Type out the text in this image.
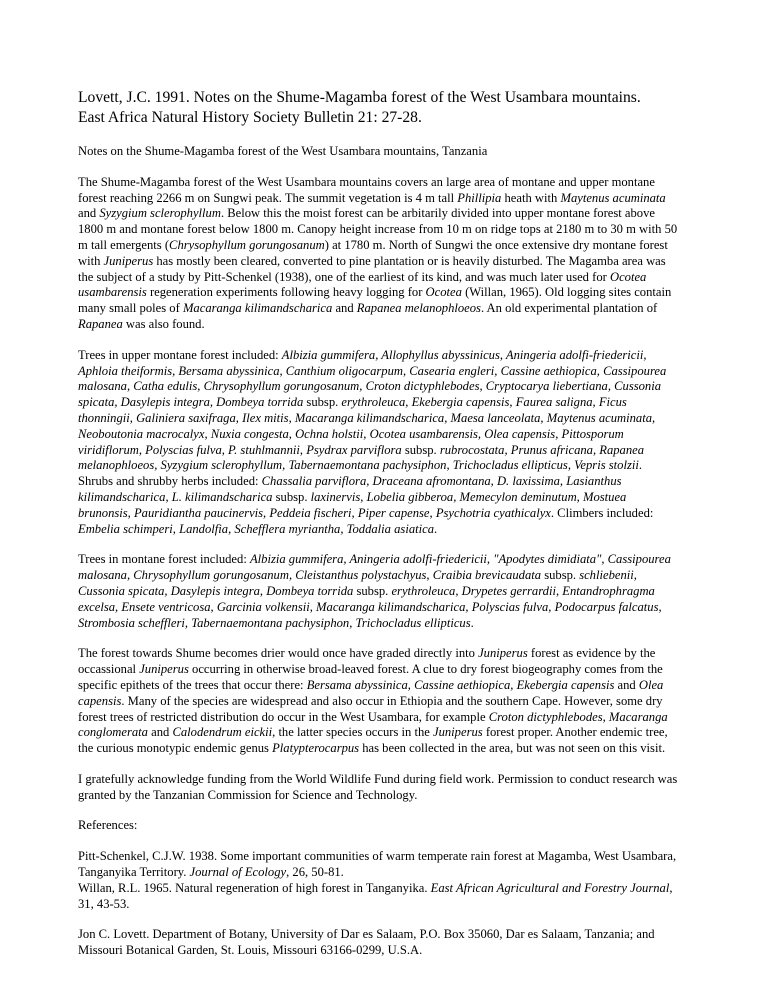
Lovett, J.C. 1991. Notes on the Shume-Magamba forest of the West Usambara mountains.
East Africa Natural History Society Bulletin 21: 27-28.

Notes on the Shume-Magamba forest of the West Usambara mountains, Tanzania

The Shume-Magamba forest of the West Usambara mountains covers an large area of montane and upper montane forest reaching 2266 m on Sungwi peak. The summit vegetation is 4 m tall Phillipia heath with Maytenus acuminata and Syzygium sclerophyllum. Below this the moist forest can be arbitarily divided into upper montane forest above 1800 m and montane forest below 1800 m. Canopy height increase from 10 m on ridge tops at 2180 m to 30 m with 50 m tall emergents (Chrysophyllum gorungosanum) at 1780 m. North of Sungwi the once extensive dry montane forest with Juniperus has mostly been cleared, converted to pine plantation or is heavily disturbed. The Magamba area was the subject of a study by Pitt-Schenkel (1938), one of the earliest of its kind, and was much later used for Ocotea usambarensis regeneration experiments following heavy logging for Ocotea (Willan, 1965). Old logging sites contain many small poles of Macaranga kilimandscharica and Rapanea melanophloeos. An old experimental plantation of Rapanea was also found.

Trees in upper montane forest included: Albizia gummifera, Allophyllus abyssinicus, Aningeria adolfi-friedericii, Aphloia theiformis, Bersama abyssinica, Canthium oligocarpum, Casearia engleri, Cassine aethiopica, Cassipourea malosana, Catha edulis, Chrysophyllum gorungosanum, Croton dictyphlebodes, Cryptocarya liebertiana, Cussonia spicata, Dasylepis integra, Dombeya torrida subsp. erythroleuca, Ekebergia capensis, Faurea saligna, Ficus thonningii, Galiniera saxifraga, Ilex mitis, Macaranga kilimandscharica, Maesa lanceolata, Maytenus acuminata, Neoboutonia macrocalyx, Nuxia congesta, Ochna holstii, Ocotea usambarensis, Olea capensis, Pittosporum viridiflorum, Polyscias fulva, P. stuhlmannii, Psydrax parviflora subsp. rubrocostata, Prunus africana, Rapanea melanophloeos, Syzygium sclerophyllum, Tabernaemontana pachysiphon, Trichocladus ellipticus, Vepris stolzii. Shrubs and shrubby herbs included: Chassalia parviflora, Draceana afromontana, D. laxissima, Lasianthus kilimandscharica, L. kilimandscharica subsp. laxinervis, Lobelia gibberoa, Memecylon deminutum, Mostuea brunonsis, Pauridiantha paucinervis, Peddeia fischeri, Piper capense, Psychotria cyathicalyx. Climbers included: Embelia schimperi, Landolfia, Schefflera myriantha, Toddalia asiatica.

Trees in montane forest included: Albizia gummifera, Aningeria adolfi-friedericii, "Apodytes dimidiata", Cassipourea malosana, Chrysophyllum gorungosanum, Cleistanthus polystachyus, Craibia brevicaudata subsp. schliebenii, Cussonia spicata, Dasylepis integra, Dombeya torrida subsp. erythroleuca, Drypetes gerrardii, Entandrophragma excelsa, Ensete ventricosa, Garcinia volkensii, Macaranga kilimandscharica, Polyscias fulva, Podocarpus falcatus, Strombosia scheffleri, Tabernaemontana pachysiphon, Trichocladus ellipticus.

The forest towards Shume becomes drier would once have graded directly into Juniperus forest as evidence by the occassional Juniperus occurring in otherwise broad-leaved forest. A clue to dry forest biogeography comes from the specific epithets of the trees that occur there: Bersama abyssinica, Cassine aethiopica, Ekebergia capensis and Olea capensis. Many of the species are widespread and also occur in Ethiopia and the southern Cape. However, some dry forest trees of restricted distribution do occur in the West Usambara, for example Croton dictyphlebodes, Macaranga conglomerata and Calodendrum eickii, the latter species occurs in the Juniperus forest proper. Another endemic tree, the curious monotypic endemic genus Platypterocarpus has been collected in the area, but was not seen on this visit.

I gratefully acknowledge funding from the World Wildlife Fund during field work. Permission to conduct research was granted by the Tanzanian Commission for Science and Technology.

References:

Pitt-Schenkel, C.J.W. 1938. Some important communities of warm temperate rain forest at Magamba, West Usambara, Tanganyika Territory. Journal of Ecology, 26, 50-81.
Willan, R.L. 1965. Natural regeneration of high forest in Tanganyika. East African Agricultural and Forestry Journal, 31, 43-53.

Jon C. Lovett. Department of Botany, University of Dar es Salaam, P.O. Box 35060, Dar es Salaam, Tanzania; and Missouri Botanical Garden, St. Louis, Missouri 63166-0299, U.S.A.
